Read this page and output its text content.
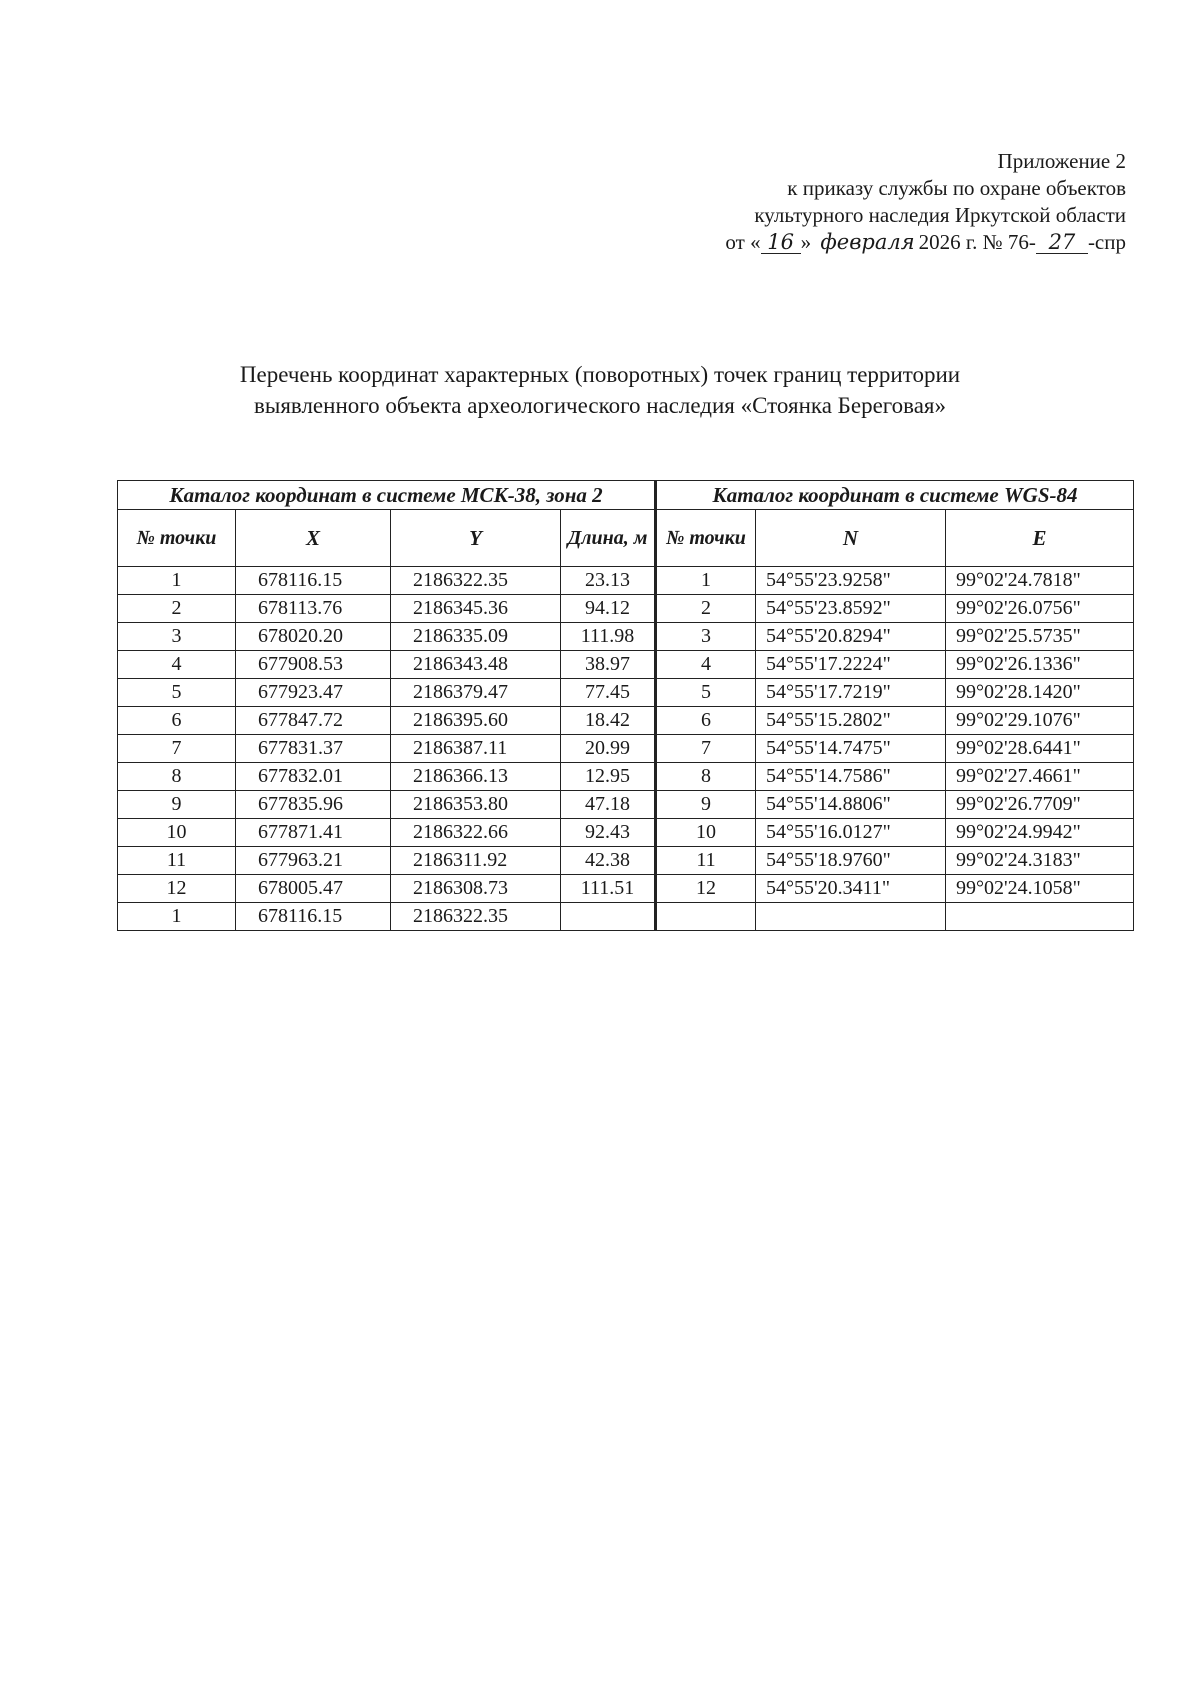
Приложение 2
к приказу службы по охране объектов
культурного наследия Иркутской области
от « 16 » февраля 2026 г. № 76- 27 -спр
Перечень координат характерных (поворотных) точек границ территории
выявленного объекта археологического наследия «Стоянка Береговая»
Каталог координат в системе МСК-38, зона 2				Каталог координат в системе WGS-84		
№ точки	X	Y	Длина, м	№ точки	N	E
1	678116.15	2186322.35	23.13	1	54°55'23.9258"	99°02'24.7818"
2	678113.76	2186345.36	94.12	2	54°55'23.8592"	99°02'26.0756"
3	678020.20	2186335.09	111.98	3	54°55'20.8294"	99°02'25.5735"
4	677908.53	2186343.48	38.97	4	54°55'17.2224"	99°02'26.1336"
5	677923.47	2186379.47	77.45	5	54°55'17.7219"	99°02'28.1420"
6	677847.72	2186395.60	18.42	6	54°55'15.2802"	99°02'29.1076"
7	677831.37	2186387.11	20.99	7	54°55'14.7475"	99°02'28.6441"
8	677832.01	2186366.13	12.95	8	54°55'14.7586"	99°02'27.4661"
9	677835.96	2186353.80	47.18	9	54°55'14.8806"	99°02'26.7709"
10	677871.41	2186322.66	92.43	10	54°55'16.0127"	99°02'24.9942"
11	677963.21	2186311.92	42.38	11	54°55'18.9760"	99°02'24.3183"
12	678005.47	2186308.73	111.51	12	54°55'20.3411"	99°02'24.1058"
1	678116.15	2186322.35				
